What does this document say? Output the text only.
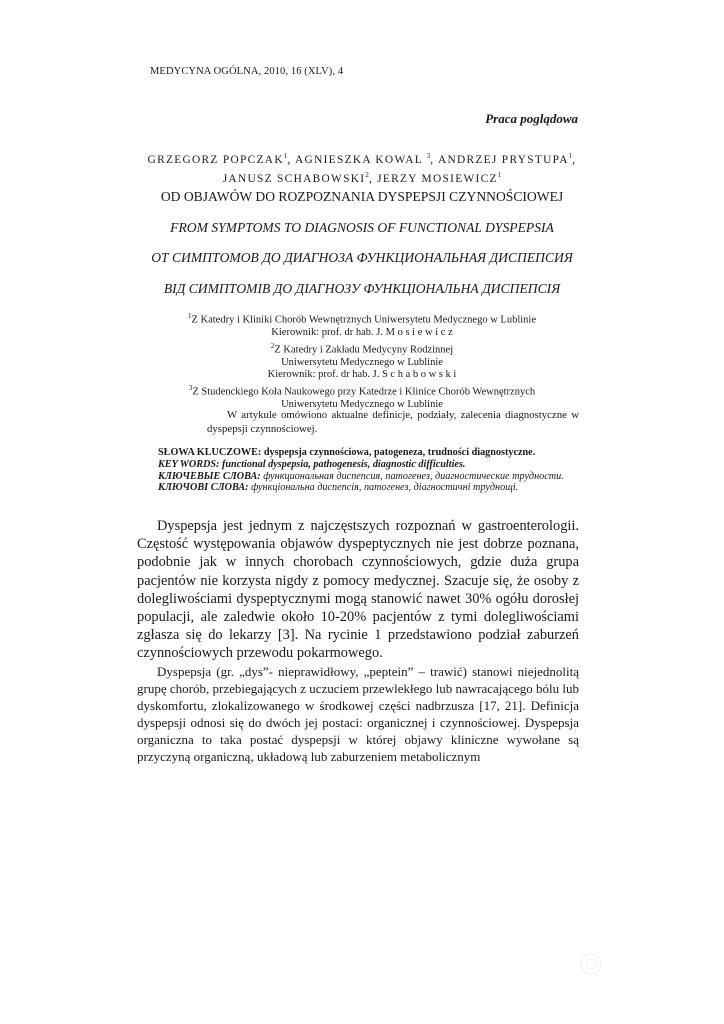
MEDYCYNA OGÓLNA, 2010, 16 (XLV), 4
Praca poglądowa
GRZEGORZ POPCZAK$^1$, AGNIESZKA KOWAL $^3$, ANDRZEJ PRYSTUPA$^1$,
JANUSZ SCHABOWSKI$^2$, JERZY MOSIEWICZ$^1$
OD OBJAWÓW DO ROZPOZNANIA DYSPEPSJI CZYNNOŚCIOWEJ
FROM SYMPTOMS TO DIAGNOSIS OF FUNCTIONAL DYSPEPSIA
ОТ СИМПТОМОВ ДО ДИАГНОЗА ФУНКЦИОНАЛЬНАЯ ДИСПЕПСИЯ
ВІД СИМПТОМІВ ДО ДІАГНОЗУ ФУНКЦІОНАЛЬНА ДИСПЕПСІЯ
$^1$Z Katedry i Kliniki Chorób Wewnętrznych Uniwersytetu Medycznego w Lublinie
Kierownik: prof. dr hab. J. M o s i e w i c z
$^2$Z Katedry i Zakładu Medycyny Rodzinnej
Uniwersytetu Medycznego w Lublinie
Kierownik: prof. dr hab. J. S c h a b o w s k i
$^3$Z Studenckiego Koła Naukowego przy Katedrze i Klinice Chorób Wewnętrznych
Uniwersytetu Medycznego w Lublinie
W artykule omówiono aktualne definicje, podziały, zalecenia diagnostyczne w dyspepsji czynnościowej.

SŁOWA KLUCZOWE: dyspepsja czynnościowa, patogeneza, trudności diagnostyczne.

KEY WORDS: functional dyspepsia, pathogenesis, diagnostic difficulties.

КЛЮЧЕВЫЕ СЛОВА: функциональная диспепсия, патогенез, диагностические трудности.

КЛЮЧОВІ СЛОВА: функціональна диспепсія, патогенез, діагностичні труднощі.

Dyspepsja jest jednym z najczęstszych rozpoznań w gastroenterologii. Częstość występowania objawów dyspeptycznych nie jest dobrze poznana, podobnie jak w innych chorobach czynnościowych, gdzie duża grupa pacjentów nie korzysta nigdy z pomocy medycznej. Szacuje się, że osoby z dolegliwościami dyspeptycznymi mogą stanowić nawet 30% ogółu dorosłej populacji, ale zaledwie około 10-20% pacjentów z tymi dolegliwościami zgłasza się do lekarzy [3]. Na rycinie 1 przedstawiono podział zaburzeń czynnościowych przewodu pokarmowego.

Dyspepsja (gr. „dys”- nieprawidłowy, „peptein” – trawić) stanowi niejednolitą grupę chorób, przebiegających z uczuciem przewlekłego lub nawracającego bólu lub dyskomfortu, zlokalizowanego w środkowej części nadbrzusza [17, 21]. Definicja dyspepsji odnosi się do dwóch jej postaci: organicznej i czynnościowej. Dyspepsja organiczna to taka postać dyspepsji w której objawy kliniczne wywołane są przyczyną organiczną, układową lub zaburzeniem metabolicznym
